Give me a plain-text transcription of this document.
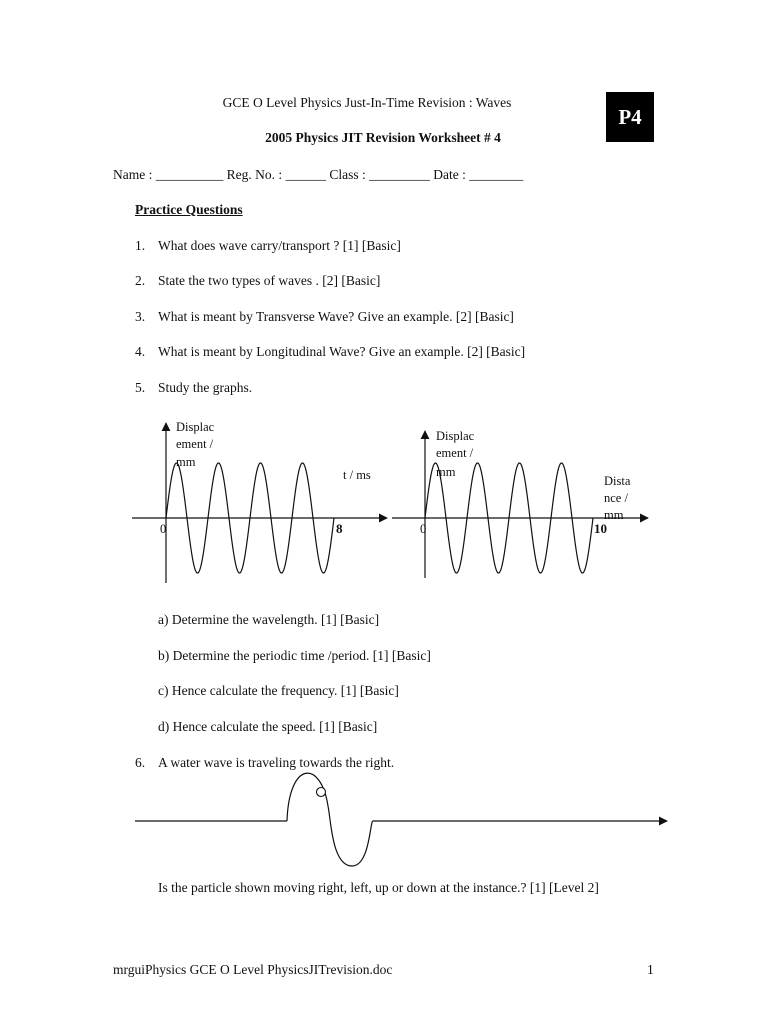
GCE O Level Physics Just-In-Time Revision : Waves
2005 Physics JIT Revision Worksheet # 4
P4
Name : __________ Reg. No. : ______ Class : _________ Date : ________
Practice Questions
1. What does wave carry/transport ? [1] [Basic]
2. State the two types of waves . [2] [Basic]
3. What is meant by Transverse Wave? Give an example. [2] [Basic]
4. What is meant by Longitudinal Wave? Give an example. [2] [Basic]
5. Study the graphs.
Displac
ement /
mm
t / ms
0	8
Displac
ement /
mm
Dista
nce /
mm
0	10
a) Determine the wavelength. [1] [Basic]
b) Determine the periodic time /period. [1] [Basic]
c) Hence calculate the frequency. [1] [Basic]
d) Hence calculate the speed. [1] [Basic]
6. A water wave is traveling towards the right.
Is the particle shown moving right, left, up or down at the instance.? [1] [Level 2]
mrguiPhysics GCE O Level PhysicsJITrevision.doc	1
